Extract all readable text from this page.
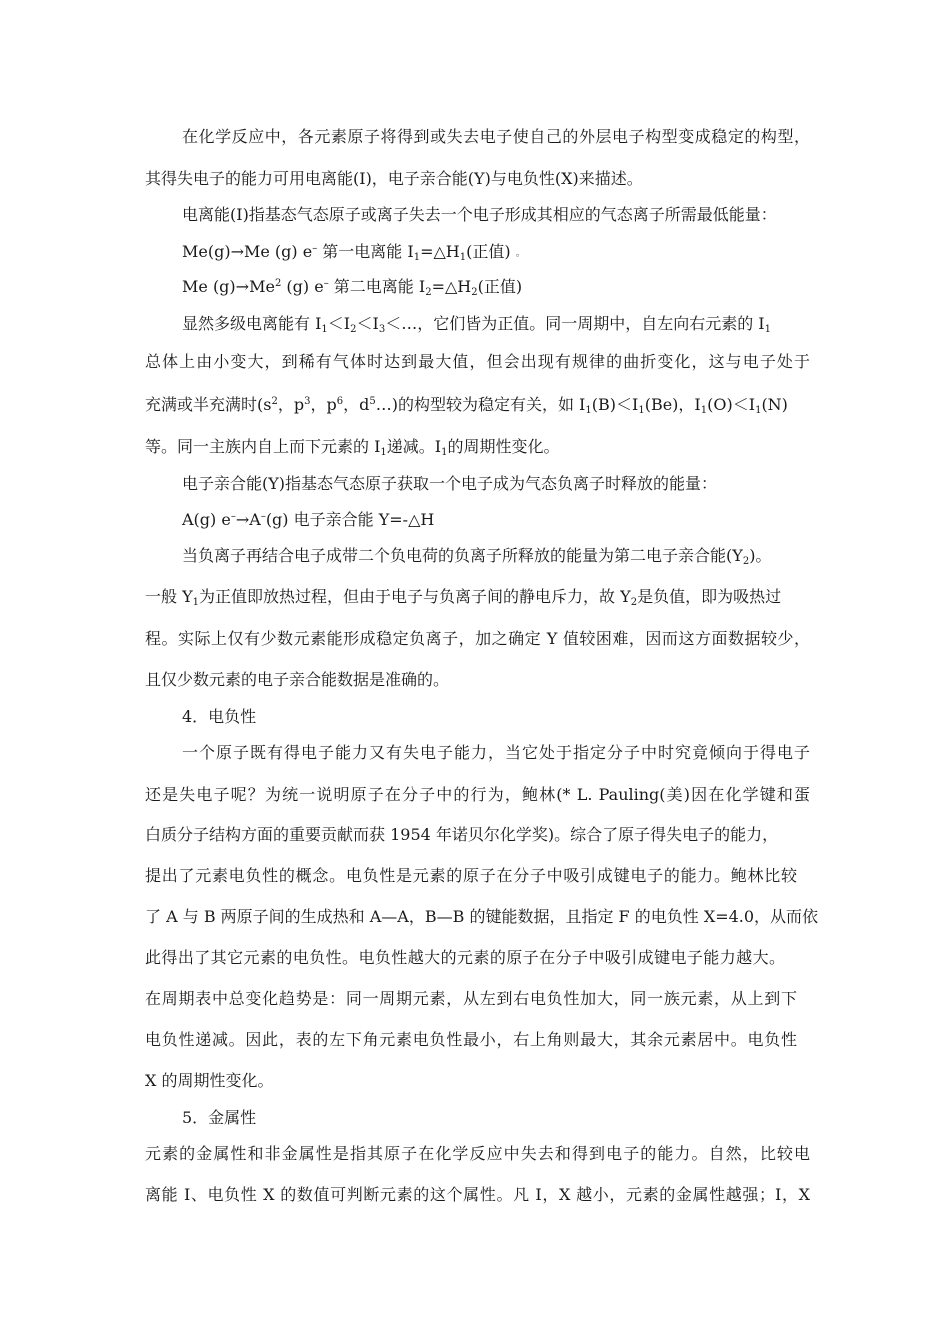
在化学反应中，各元素原子将得到或失去电子使自己的外层电子构型变成稳定的构型，
其得失电子的能力可用电离能(I)，电子亲合能(Y)与电负性(X)来描述。
电离能(I)指基态气态原子或离子失去一个电子形成其相应的气态离子所需最低能量：
Me(g)→Me (g) e– 第一电离能 $I_1=\triangle H_1$(正值) 。
Me $(g)\to Me^2$ (g) e– 第二电离能 $I_2=\triangle H_2$(正值)
显然多级电离能有 $I_1<I_2<I_3<\dots$，它们皆为正值。同一周期中，自左向右元素的 $I_1$
总体上由小变大，到稀有气体时达到最大值，但会出现有规律的曲折变化，这与电子处于
充满或半充满时($s^2$，$p^3$，$p^6$，$d^5\dots$)的构型较为稳定有关，如 $I_1(B)<I_1(Be)$，$I_1(O)<I_1(N)$
等。同一主族内自上而下元素的 $I_1$递减。$I_1$的周期性变化。
电子亲合能(Y)指基态气态原子获取一个电子成为气态负离子时释放的能量：
A(g) e–→A–(g) 电子亲合能 Y=-△H
当负离子再结合电子成带二个负电荷的负离子所释放的能量为第二电子亲合能$(Y_2)$。
一般 $Y_1$为正值即放热过程，但由于电子与负离子间的静电斥力，故 $Y_2$是负值，即为吸热过
程。实际上仅有少数元素能形成稳定负离子，加之确定 Y 值较困难，因而这方面数据较少，
且仅少数元素的电子亲合能数据是准确的。
4．电负性
一个原子既有得电子能力又有失电子能力，当它处于指定分子中时究竟倾向于得电子
还是失电子呢？为统一说明原子在分子中的行为，鲍林(* L. Pauling(美)因在化学键和蛋
白质分子结构方面的重要贡献而获 1954 年诺贝尔化学奖)。综合了原子得失电子的能力，
提出了元素电负性的概念。电负性是元素的原子在分子中吸引成键电子的能力。鲍林比较
了 A 与 B 两原子间的生成热和 A—A，B—B 的键能数据，且指定 F 的电负性 X=4.0，从而依
此得出了其它元素的电负性。电负性越大的元素的原子在分子中吸引成键电子能力越大。
在周期表中总变化趋势是：同一周期元素，从左到右电负性加大，同一族元素，从上到下
电负性递减。因此，表的左下角元素电负性最小，右上角则最大，其余元素居中。电负性
X 的周期性变化。
5．金属性
元素的金属性和非金属性是指其原子在化学反应中失去和得到电子的能力。自然，比较电
离能 I、电负性 X 的数值可判断元素的这个属性。凡 I，X 越小，元素的金属性越强；I，X
